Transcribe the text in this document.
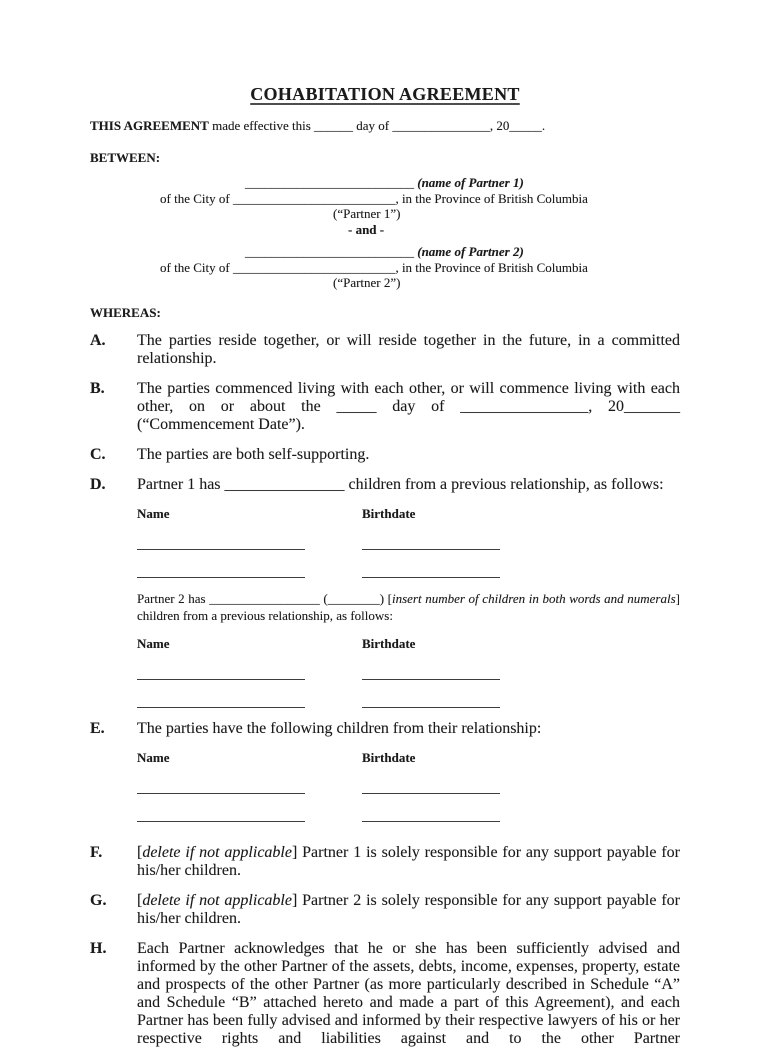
COHABITATION AGREEMENT

THIS AGREEMENT made effective this ______ day of _______________, 20_____.

BETWEEN:

__________________________ (name of Partner 1)
of the City of _________________________, in the Province of British Columbia
(“Partner 1”)
- and -
__________________________ (name of Partner 2)
of the City of _________________________, in the Province of British Columbia
(“Partner 2”)

WHEREAS:

A.	The parties reside together, or will reside together in the future, in a committed relationship.
B.	The parties commenced living with each other, or will commence living with each other, on or about the _____ day of ________________, 20_______ (“Commencement Date”).
C.	The parties are both self-supporting.
D.	Partner 1 has _______________ children from a previous relationship, as follows:
Name	Birthdate

Partner 2 has _________________ (________) [insert number of children in both words and numerals] children from a previous relationship, as follows:

Name	Birthdate
E.	The parties have the following children from their relationship:
Name	Birthdate
F.	[delete if not applicable] Partner 1 is solely responsible for any support payable for his/her children.
G.	[delete if not applicable] Partner 2 is solely responsible for any support payable for his/her children.
H.	Each Partner acknowledges that he or she has been sufficiently advised and informed by the other Partner of the assets, debts, income, expenses, property, estate and prospects of the other Partner (as more particularly described in Schedule “A” and Schedule “B” attached hereto and made a part of this Agreement), and each Partner has been fully advised and informed by their respective lawyers of his or her respective rights and liabilities against and to the other Partner
